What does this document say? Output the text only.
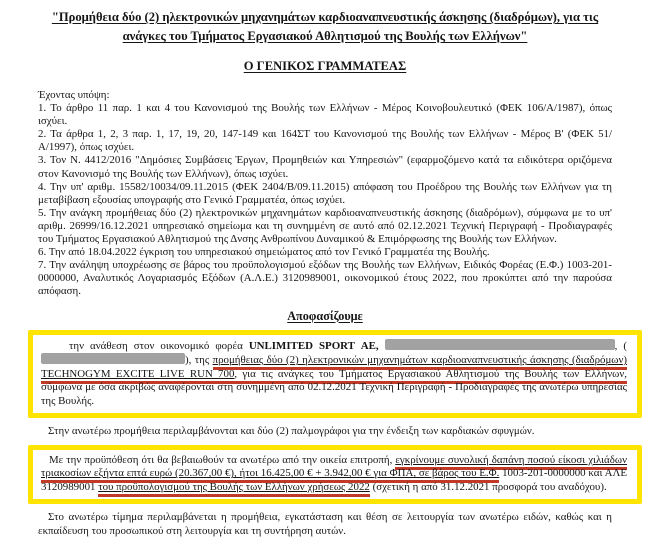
"Προμήθεια δύο (2) ηλεκτρονικών μηχανημάτων καρδιοαναπνευστικής άσκησης (διαδρόμων), για τις ανάγκες του Τμήματος Εργασιακού Αθλητισμού της Βουλής των Ελλήνων"
Ο ΓΕΝΙΚΟΣ ΓΡΑΜΜΑΤΕΑΣ
Έχοντας υπόψη:

1. Το άρθρο 11 παρ. 1 και 4 του Κανονισμού της Βουλής των Ελλήνων - Μέρος Κοινοβουλευτικό (ΦΕΚ 106/Α/1987), όπως ισχύει.

2. Τα άρθρα 1, 2, 3 παρ. 1, 17, 19, 20, 147-149 και 164ΣΤ του Κανονισμού της Βουλής των Ελλήνων - Μέρος Β' (ΦΕΚ 51/Α/1997), όπως ισχύει.

3. Τον Ν. 4412/2016 "Δημόσιες Συμβάσεις Έργων, Προμηθειών και Υπηρεσιών" (εφαρμοζόμενο κατά τα ειδικότερα οριζόμενα στον Κανονισμό της Βουλής των Ελλήνων), όπως ισχύει.

4. Την υπ' αριθμ. 15582/10034/09.11.2015 (ΦΕΚ 2404/Β/09.11.2015) απόφαση του Προέδρου της Βουλής των Ελλήνων για τη μεταβίβαση εξουσίας υπογραφής στο Γενικό Γραμματέα, όπως ισχύει.

5. Την ανάγκη προμήθειας δύο (2) ηλεκτρονικών μηχανημάτων καρδιοαναπνευστικής άσκησης (διαδρόμων), σύμφωνα με το υπ' αριθμ. 26999/16.12.2021 υπηρεσιακό σημείωμα και τη συνημμένη σε αυτό από 02.12.2021 Τεχνική Περιγραφή - Προδιαγραφές του Τμήματος Εργασιακού Αθλητισμού της Δνσης Ανθρωπίνου Δυναμικού & Επιμόρφωσης της Βουλής των Ελλήνων.

6. Την από 18.04.2022 έγκριση του υπηρεσιακού σημειώματος από τον Γενικό Γραμματέα της Βουλής.

7. Την ανάληψη υποχρέωσης σε βάρος του προϋπολογισμού εξόδων της Βουλής των Ελλήνων, Ειδικός Φορέας (Ε.Φ.) 1003-201-0000000, Αναλυτικός Λογαριασμός Εξόδων (Α.Λ.Ε.) 3120989001, οικονομικού έτους 2022, που προκύπτει από την παρούσα απόφαση.

Αποφασίζουμε

την ανάθεση στον οικονομικό φορέα UNLIMITED SPORT ΑΕ,	, (), της προμήθειας δύο (2) ηλεκτρονικών μηχανημάτων καρδιοαναπνευστικής άσκησης (διαδρόμων) TECHNOGYM EXCITE LIVE RUN 700, για τις ανάγκες του Τμήματος Εργασιακού Αθλητισμού της Βουλής των Ελλήνων, σύμφωνα με όσα ακριβώς αναφέρονται στη συνημμένη από 02.12.2021 Τεχνική Περιγραφή - Προδιαγραφές της ανωτέρω υπηρεσίας της Βουλής.

Στην ανωτέρω προμήθεια περιλαμβάνονται και δύο (2) παλμογράφοι για την ένδειξη των καρδιακών σφυγμών.

Με την προϋπόθεση ότι θα βεβαιωθούν τα ανωτέρω από την οικεία επιτροπή, εγκρίνουμε συνολική δαπάνη ποσού είκοσι χιλιάδων τριακοσίων εξήντα επτά ευρώ (20.367,00 €), ήτοι 16.425,00 € + 3.942,00 € για ΦΠΑ, σε βάρος του Ε.Φ. 1003-201-0000000 και ΑΛΕ 3120989001 του προϋπολογισμού της Βουλής των Ελλήνων χρήσεως 2022 (σχετική η από 31.12.2021 προσφορά του αναδόχου).

Στο ανωτέρω τίμημα περιλαμβάνεται η προμήθεια, εγκατάσταση και θέση σε λειτουργία των ανωτέρω ειδών, καθώς και η εκπαίδευση του προσωπικού στη λειτουργία και τη συντήρηση αυτών.
